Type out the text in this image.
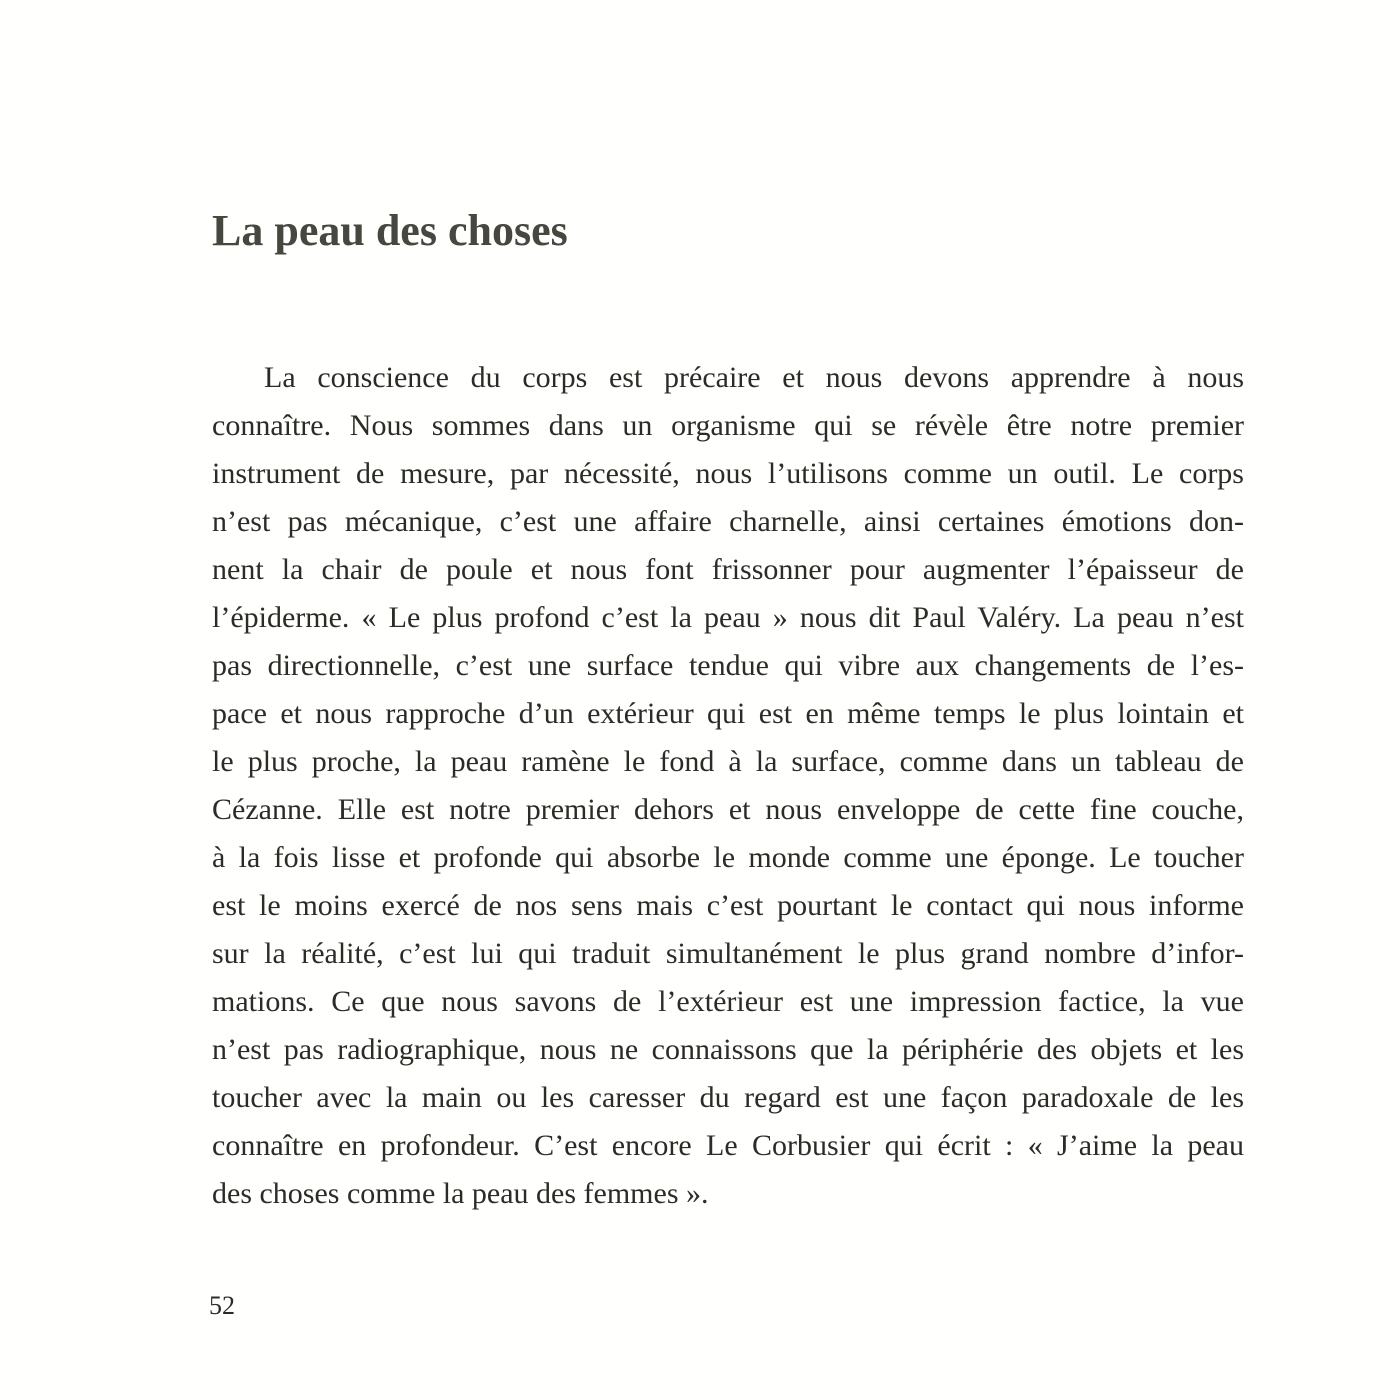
La peau des choses
La conscience du corps est précaire et nous devons apprendre à nous
connaître. Nous sommes dans un organisme qui se révèle être notre premier
instrument de mesure, par nécessité, nous l’utilisons comme un outil. Le corps
n’est pas mécanique, c’est une affaire charnelle, ainsi certaines émotions don-
nent la chair de poule et nous font frissonner pour augmenter l’épaisseur de
l’épiderme. « Le plus profond c’est la peau » nous dit Paul Valéry. La peau n’est
pas directionnelle, c’est une surface tendue qui vibre aux changements de l’es-
pace et nous rapproche d’un extérieur qui est en même temps le plus lointain et
le plus proche, la peau ramène le fond à la surface, comme dans un tableau de
Cézanne. Elle est notre premier dehors et nous enveloppe de cette fine couche,
à la fois lisse et profonde qui absorbe le monde comme une éponge. Le toucher
est le moins exercé de nos sens mais c’est pourtant le contact qui nous informe
sur la réalité, c’est lui qui traduit simultanément le plus grand nombre d’infor-
mations. Ce que nous savons de l’extérieur est une impression factice, la vue
n’est pas radiographique, nous ne connaissons que la périphérie des objets et les
toucher avec la main ou les caresser du regard est une façon paradoxale de les
connaître en profondeur. C’est encore Le Corbusier qui écrit : « J’aime la peau
des choses comme la peau des femmes ».
52
